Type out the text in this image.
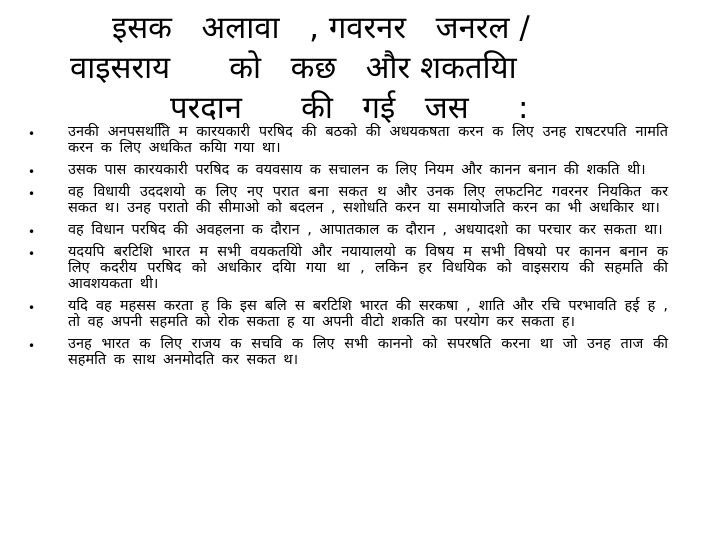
इसक   अलावा   , गवरनर   जनरल /
वाइसराय      को   कछ   और शकतयिा
परदान      की   गई   जस     :
• उनकी अनपसथतिि म कारयकारी परषिद की बठको की अधयकषता करन क लिए उनह राषटरपति नामति करन क लिए अधकित कयिा गया था।
• उसक पास कारयकारी परषिद क वयवसाय क सचालन क लिए नियम और कानन बनान की शकति थी।
• वह विधायी उददशयो क लिए नए परात बना सकत थ और उनक लिए लफटनिट गवरनर नियकित कर सकत थ। उनह परातो की सीमाओ को बदलन , सशोधति करन या समायोजति करन का भी अधकिार था।
• वह विधान परषिद की अवहलना क दौरान , आपातकाल क दौरान , अधयादशो का परचार कर सकता था।
• यदयपि बरटिशि भारत म सभी वयकतयिो और नयायालयो क विषय म सभी विषयो पर कानन बनान क लिए कदरीय परषिद को अधकिार दयिा गया था , लकिन हर विधयिक को वाइसराय की सहमति की आवशयकता थी।
• यदि वह महसस करता ह कि इस बलि स बरटिशि भारत की सरकषा , शाति और रचि परभावति हई ह , तो वह अपनी सहमति को रोक सकता ह या अपनी वीटो शकति का परयोग कर सकता ह।
• उनह भारत क लिए राजय क सचवि क लिए सभी काननो को सपरषति करना था जो उनह ताज की सहमति क साथ अनमोदति कर सकत थ।
